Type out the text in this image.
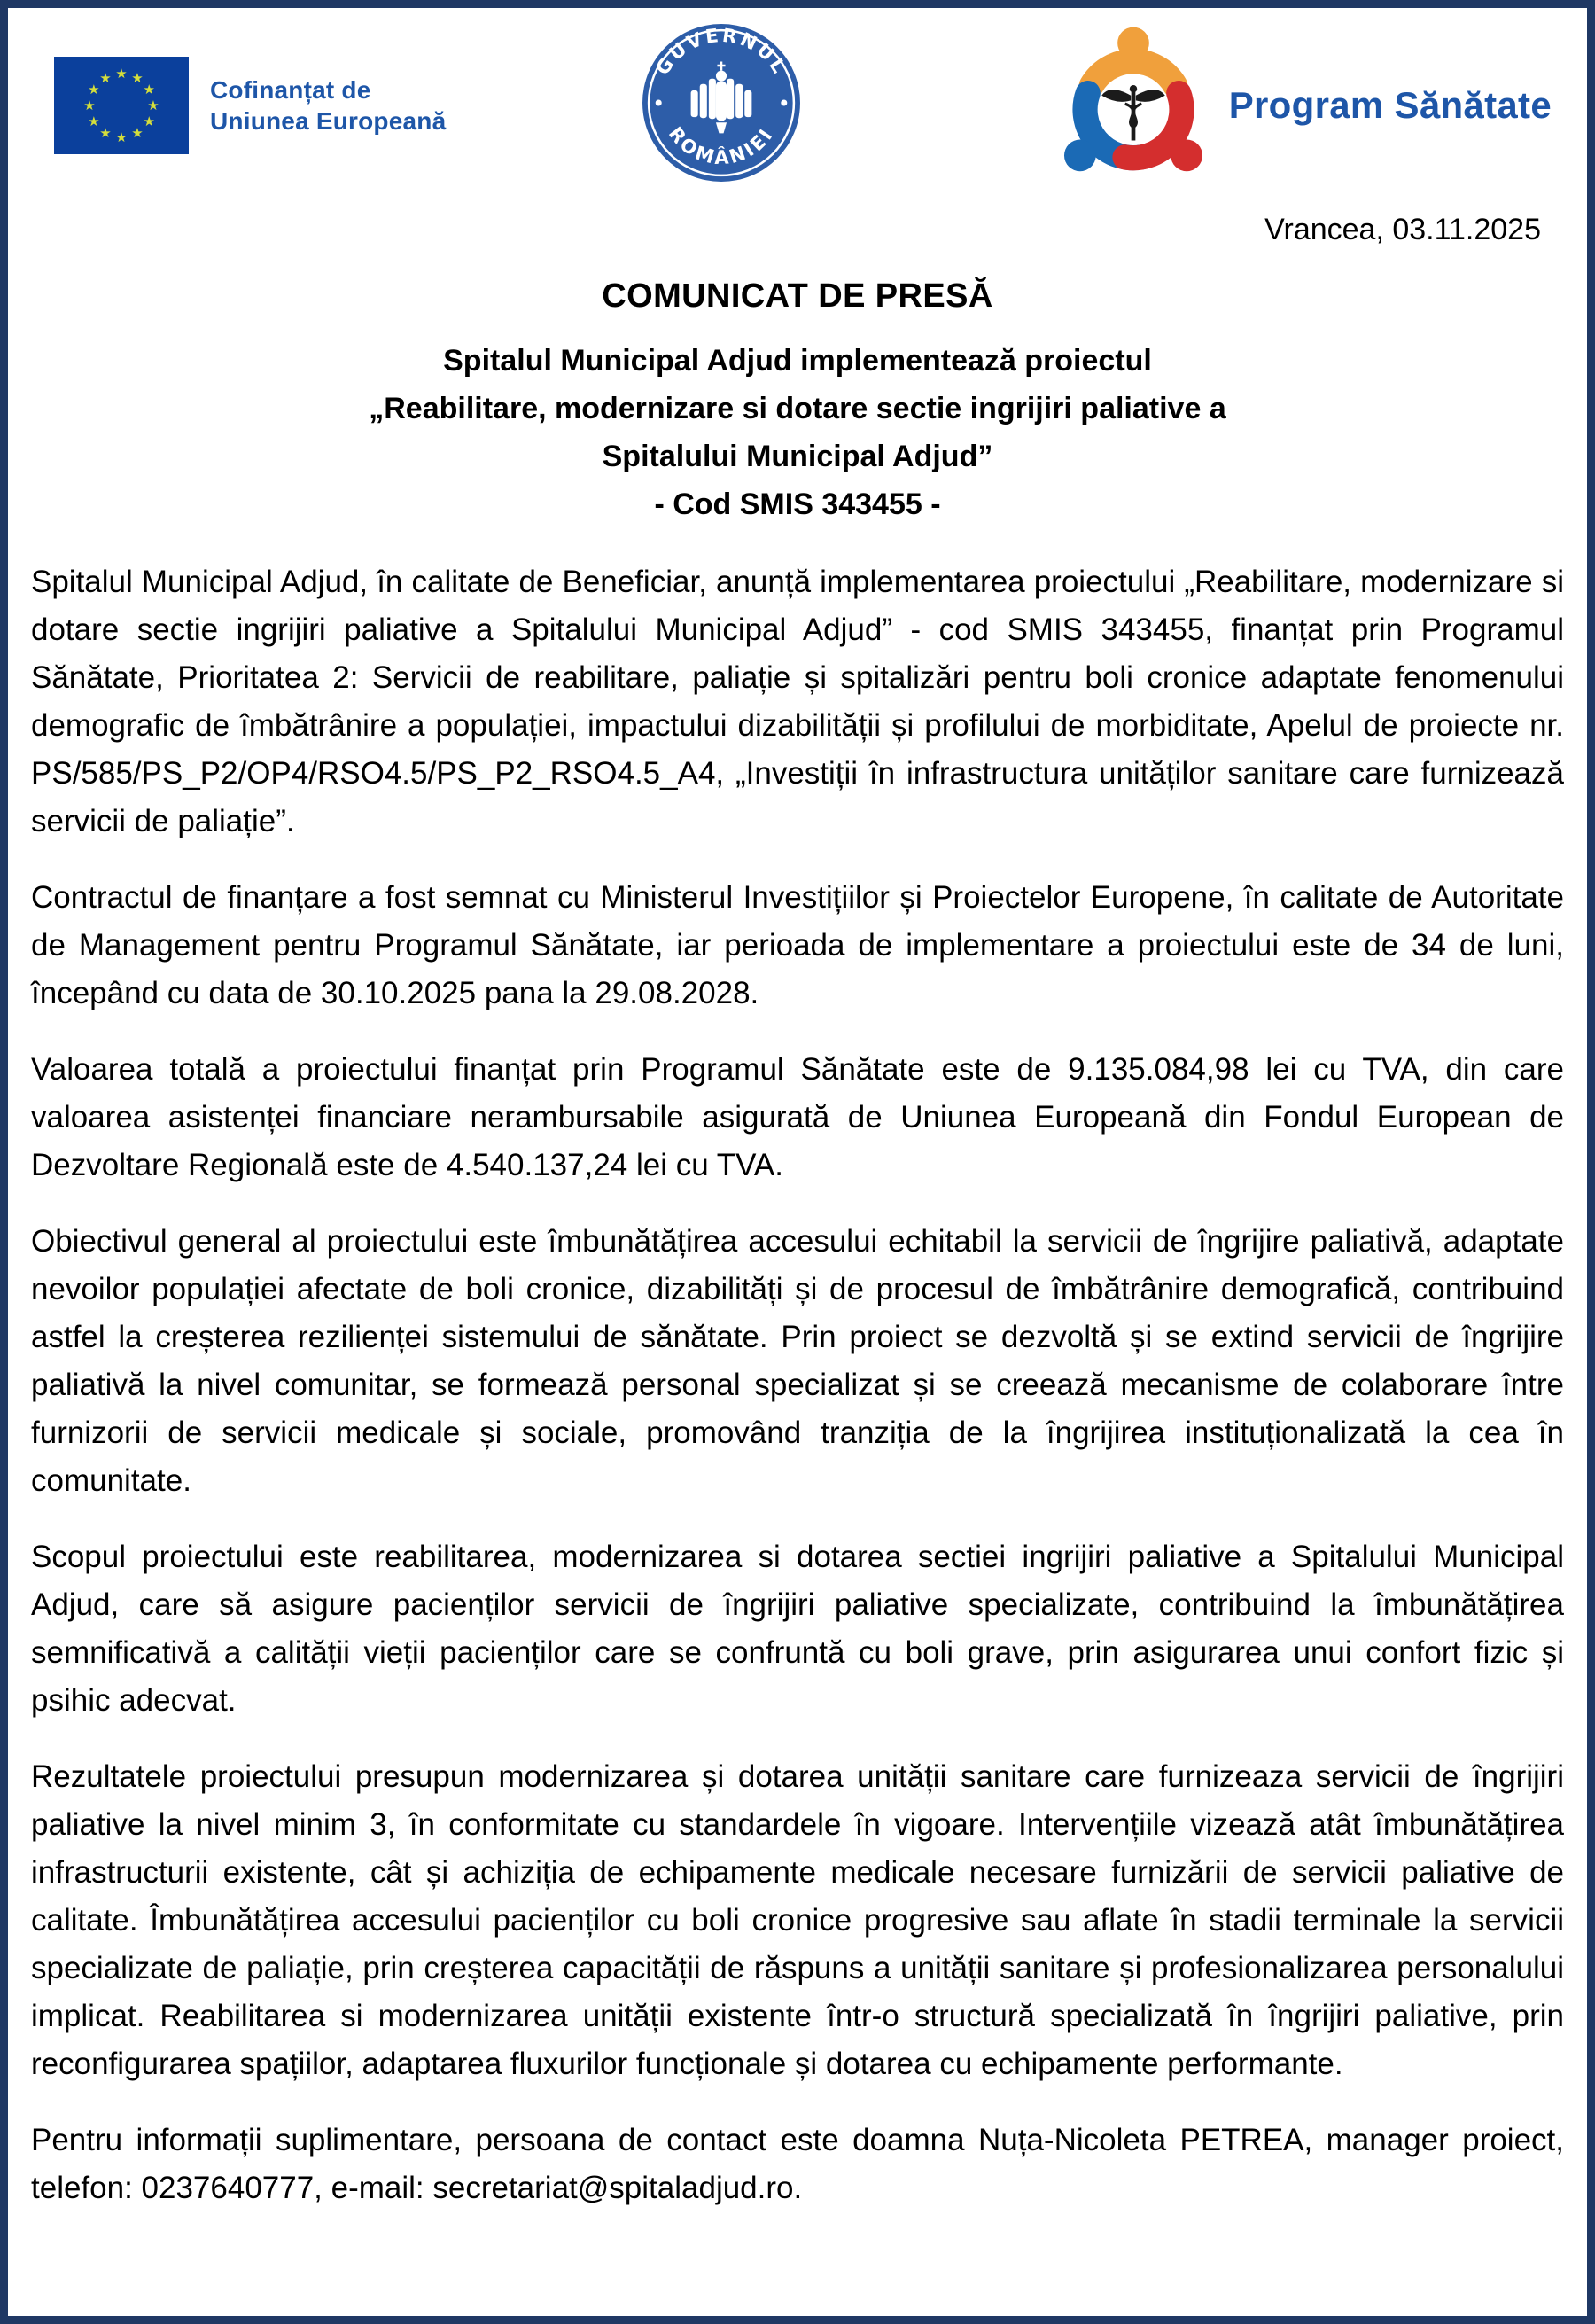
★ ★
★
★
★
★
★
★
★
★
★
★	Cofinanțat de
Uniunea Europeană
GUVERNUL
ROMÂNIEI
Program Sănătate
Vrancea, 03.11.2025
COMUNICAT DE PRESĂ
Spitalul Municipal Adjud implementează proiectul
„Reabilitare, modernizare si dotare sectie ingrijiri paliative a
Spitalului Municipal Adjud”
- Cod SMIS 343455 -

Spitalul Municipal Adjud, în calitate de Beneficiar, anunță implementarea proiectului „Reabilitare, modernizare si dotare sectie ingrijiri paliative a Spitalului Municipal Adjud” - cod SMIS 343455, finanțat prin Programul Sănătate, Prioritatea 2: Servicii de reabilitare, paliație și spitalizări pentru boli cronice adaptate fenomenului demografic de îmbătrânire a populației, impactului dizabilității și profilului de morbiditate, Apelul de proiecte nr. PS/585/PS_P2/OP4/RSO4.5/PS_P2_RSO4.5_A4, „Investiții în infrastructura unităților sanitare care furnizează servicii de paliație”.

Contractul de finanțare a fost semnat cu Ministerul Investițiilor și Proiectelor Europene, în calitate de Autoritate de Management pentru Programul Sănătate, iar perioada de implementare a proiectului este de 34 de luni, începând cu data de 30.10.2025 pana la 29.08.2028.

Valoarea totală a proiectului finanțat prin Programul Sănătate este de 9.135.084,98 lei cu TVA, din care valoarea asistenței financiare nerambursabile asigurată de Uniunea Europeană din Fondul European de Dezvoltare Regională este de 4.540.137,24 lei cu TVA.

Obiectivul general al proiectului este îmbunătățirea accesului echitabil la servicii de îngrijire paliativă, adaptate nevoilor populației afectate de boli cronice, dizabilități și de procesul de îmbătrânire demografică, contribuind astfel la creșterea rezilienței sistemului de sănătate. Prin proiect se dezvoltă și se extind servicii de îngrijire paliativă la nivel comunitar, se formează personal specializat și se creează mecanisme de colaborare între furnizorii de servicii medicale și sociale, promovând tranziția de la îngrijirea instituționalizată la cea în comunitate.

Scopul proiectului este reabilitarea, modernizarea si dotarea sectiei ingrijiri paliative a Spitalului Municipal Adjud, care să asigure pacienților servicii de îngrijiri paliative specializate, contribuind la îmbunătățirea semnificativă a calității vieții pacienților care se confruntă cu boli grave, prin asigurarea unui confort fizic și psihic adecvat.

Rezultatele proiectului presupun modernizarea și dotarea unității sanitare care furnizeaza servicii de îngrijiri paliative la nivel minim 3, în conformitate cu standardele în vigoare. Intervențiile vizează atât îmbunătățirea infrastructurii existente, cât și achiziția de echipamente medicale necesare furnizării de servicii paliative de calitate. Îmbunătățirea accesului pacienților cu boli cronice progresive sau aflate în stadii terminale la servicii specializate de paliație, prin creșterea capacității de răspuns a unității sanitare și profesionalizarea personalului implicat. Reabilitarea si modernizarea unității existente într-o structură specializată în îngrijiri paliative, prin reconfigurarea spațiilor, adaptarea fluxurilor funcționale și dotarea cu echipamente performante.

Pentru informații suplimentare, persoana de contact este doamna Nuța-Nicoleta PETREA, manager proiect, telefon: 0237640777, e-mail: secretariat@spitaladjud.ro.
